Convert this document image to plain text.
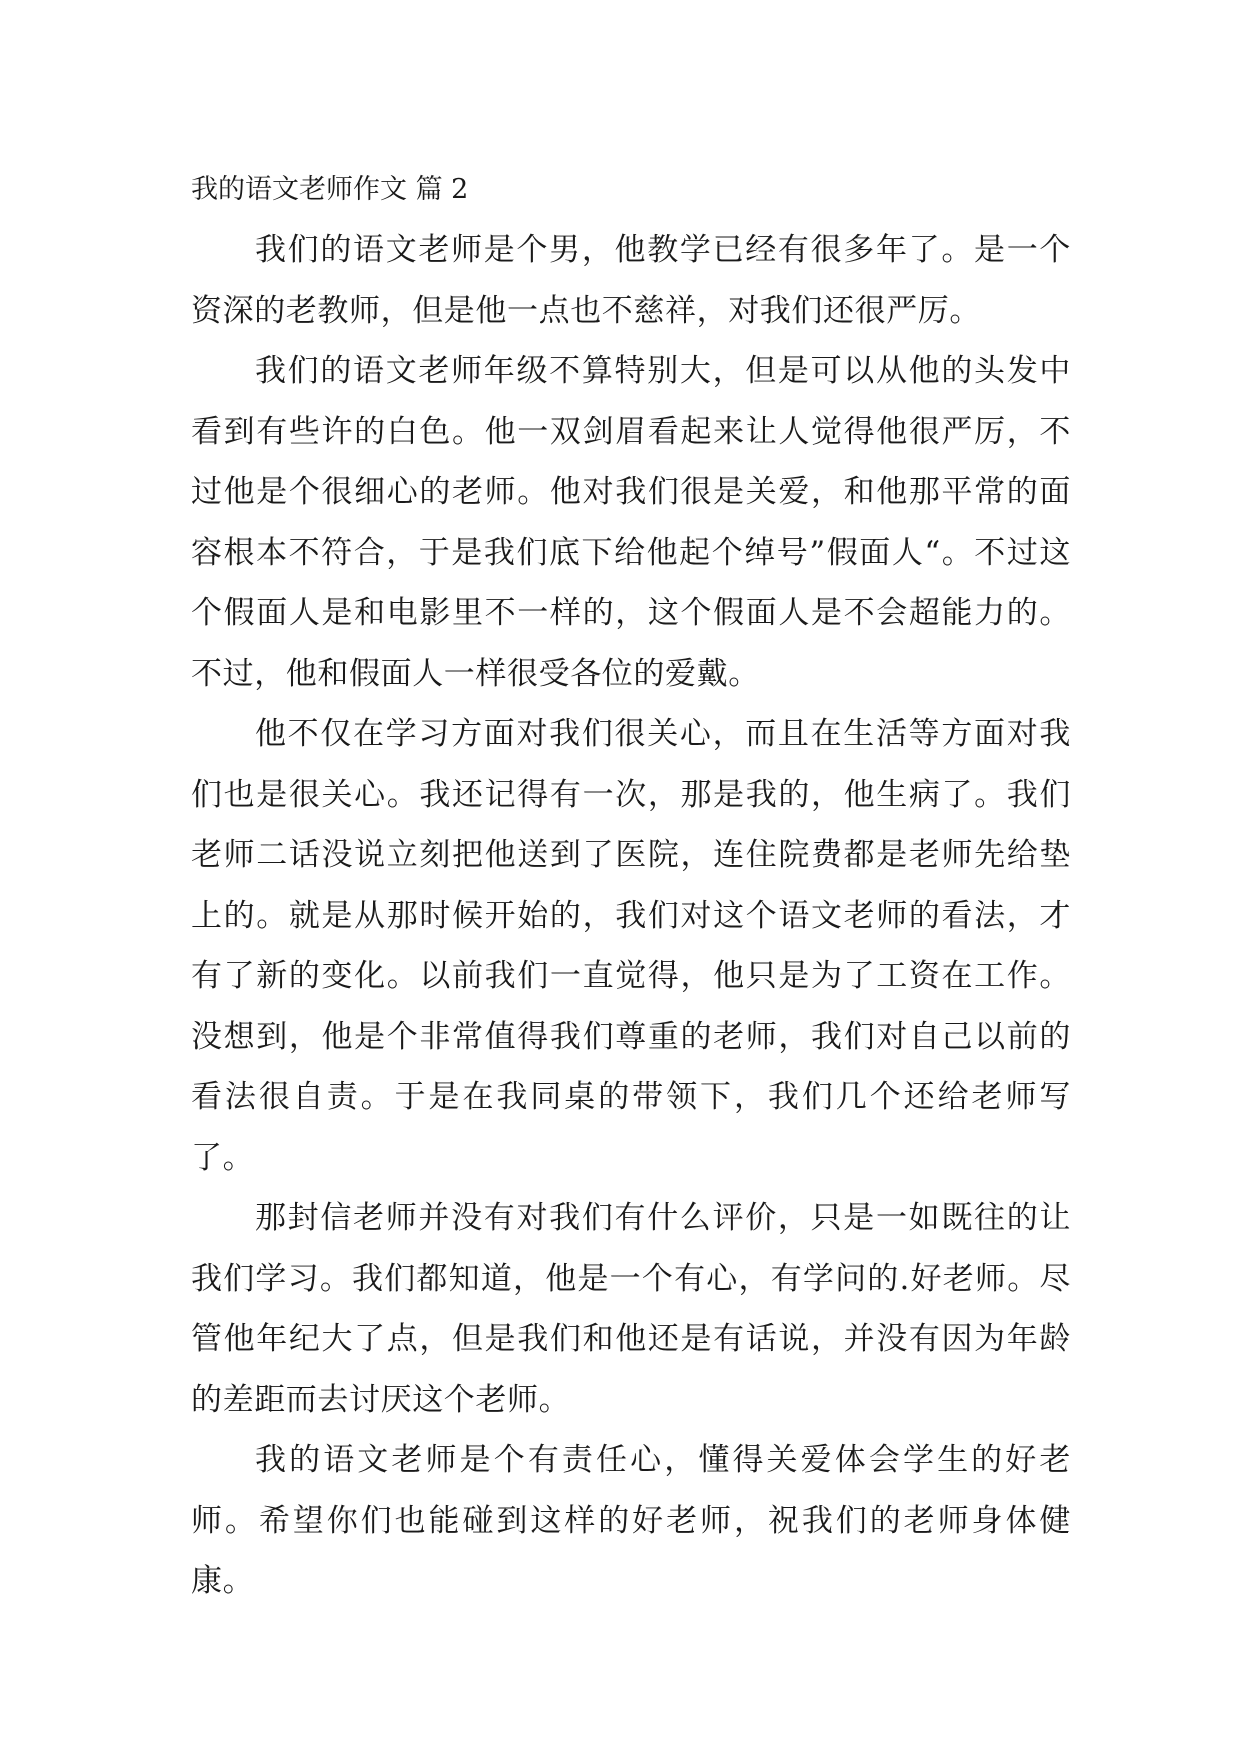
我的语文老师作文 篇 2

我们的语文老师是个男，他教学已经有很多年了。是一个资深的老教师，但是他一点也不慈祥，对我们还很严厉。

我们的语文老师年级不算特别大，但是可以从他的头发中看到有些许的白色。他一双剑眉看起来让人觉得他很严厉，不过他是个很细心的老师。他对我们很是关爱，和他那平常的面容根本不符合，于是我们底下给他起个绰号”假面人“。不过这个假面人是和电影里不一样的，这个假面人是不会超能力的。不过，他和假面人一样很受各位的爱戴。

他不仅在学习方面对我们很关心，而且在生活等方面对我们也是很关心。我还记得有一次，那是我的，他生病了。我们老师二话没说立刻把他送到了医院，连住院费都是老师先给垫上的。就是从那时候开始的，我们对这个语文老师的看法，才有了新的变化。以前我们一直觉得，他只是为了工资在工作。没想到，他是个非常值得我们尊重的老师，我们对自己以前的看法很自责。于是在我同桌的带领下，我们几个还给老师写了。

那封信老师并没有对我们有什么评价，只是一如既往的让我们学习。我们都知道，他是一个有心，有学问的.好老师。尽管他年纪大了点，但是我们和他还是有话说，并没有因为年龄的差距而去讨厌这个老师。

我的语文老师是个有责任心，懂得关爱体会学生的好老师。希望你们也能碰到这样的好老师，祝我们的老师身体健康。
